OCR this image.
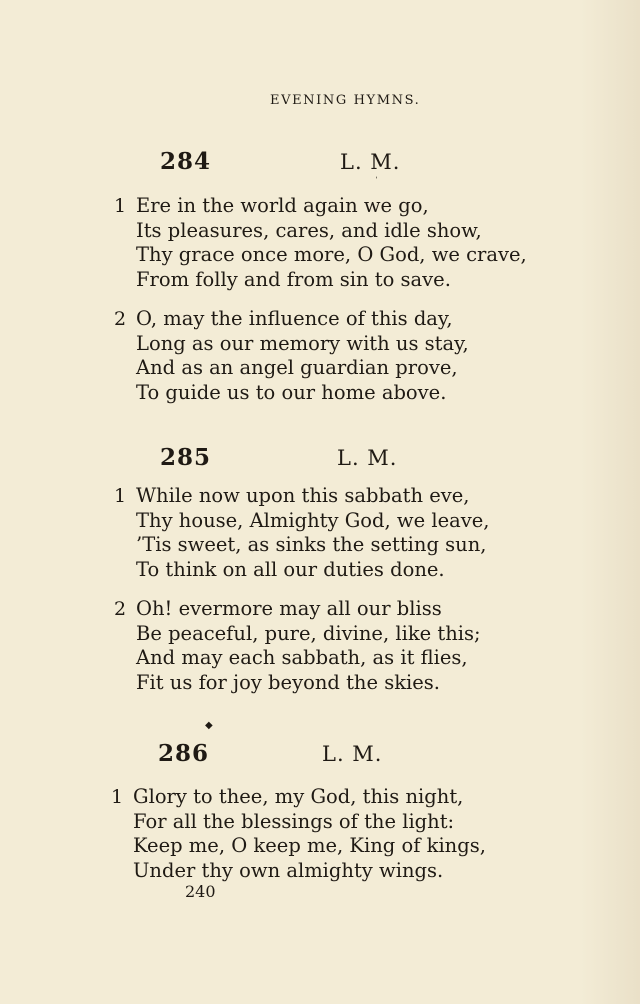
EVENING HYMNS.
284	L. M.
′
1 Ere in the world again we go,
Its pleasures, cares, and idle show,
Thy grace once more, O God, we crave,
From folly and from sin to save.
2 O, may the influence of this day,
Long as our memory with us stay,
And as an angel guardian prove,
To guide us to our home above.
285	L. M.
1 While now upon this sabbath eve,
Thy house, Almighty God, we leave,
’Tis sweet, as sinks the setting sun,
To think on all our duties done.
2 Oh! evermore may all our bliss
Be peaceful, pure, divine, like this;
And may each sabbath, as it flies,
Fit us for joy beyond the skies.
◆
286	L. M.
1 Glory to thee, my God, this night,
For all the blessings of the light:
Keep me, O keep me, King of kings,
Under thy own almighty wings.
240
